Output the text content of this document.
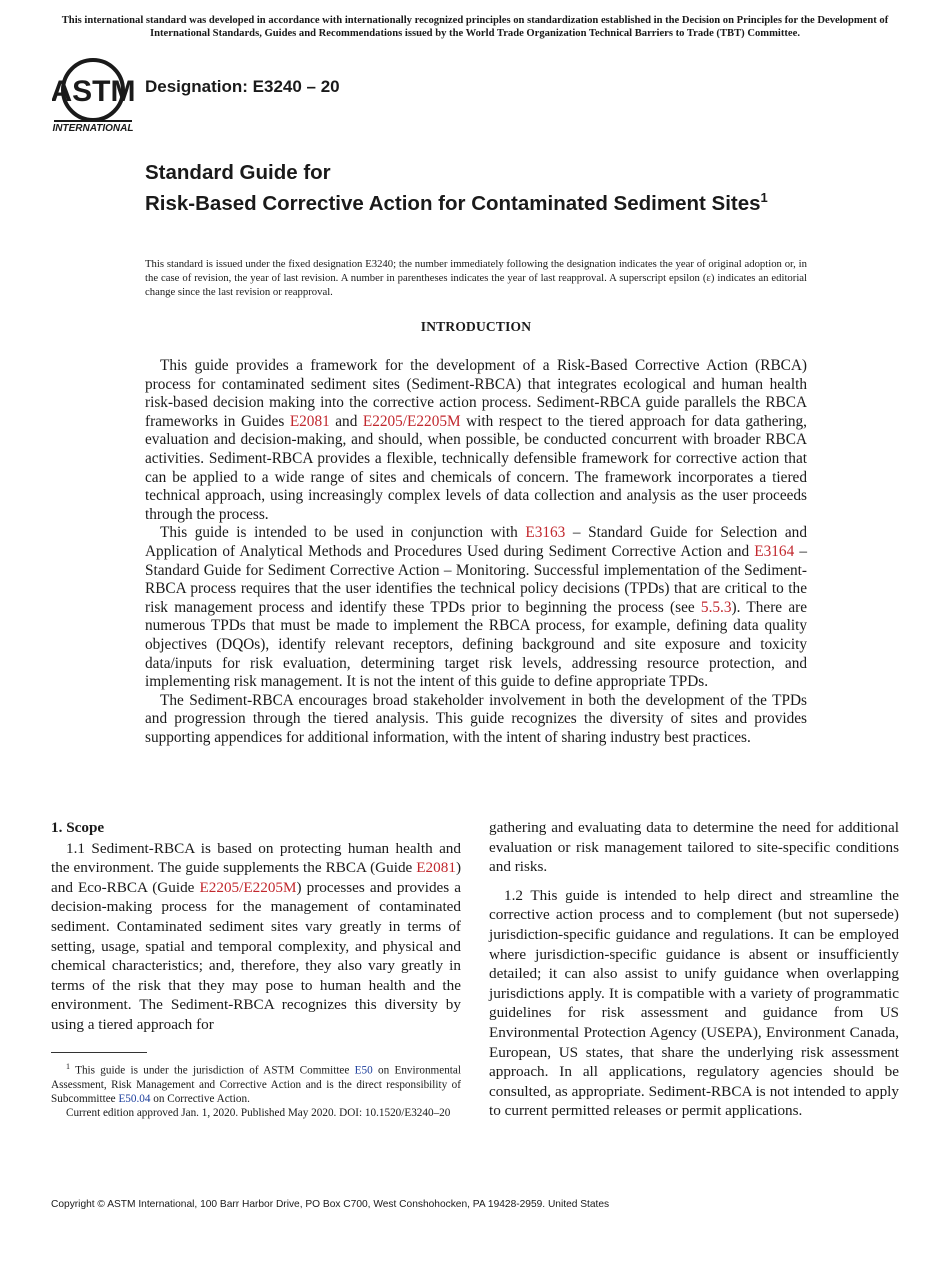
This international standard was developed in accordance with internationally recognized principles on standardization established in the Decision on Principles for the Development of International Standards, Guides and Recommendations issued by the World Trade Organization Technical Barriers to Trade (TBT) Committee.
ASTM
INTERNATIONAL
Designation: E3240 – 20
Standard Guide for
Risk-Based Corrective Action for Contaminated Sediment Sites$^1$
This standard is issued under the fixed designation E3240; the number immediately following the designation indicates the year of original adoption or, in the case of revision, the year of last revision. A number in parentheses indicates the year of last reapproval. A superscript epsilon (ε) indicates an editorial change since the last revision or reapproval.
INTRODUCTION

This guide provides a framework for the development of a Risk-Based Corrective Action (RBCA) process for contaminated sediment sites (Sediment-RBCA) that integrates ecological and human health risk-based decision making into the corrective action process. Sediment-RBCA guide parallels the RBCA frameworks in Guides E2081 and E2205/E2205M with respect to the tiered approach for data gathering, evaluation and decision-making, and should, when possible, be conducted concurrent with broader RBCA activities. Sediment-RBCA provides a flexible, technically defensible framework for corrective action that can be applied to a wide range of sites and chemicals of concern. The framework incorporates a tiered technical approach, using increasingly complex levels of data collection and analysis as the user proceeds through the process.

This guide is intended to be used in conjunction with E3163 – Standard Guide for Selection and Application of Analytical Methods and Procedures Used during Sediment Corrective Action and E3164 – Standard Guide for Sediment Corrective Action – Monitoring. Successful implementation of the Sediment-RBCA process requires that the user identifies the technical policy decisions (TPDs) that are critical to the risk management process and identify these TPDs prior to beginning the process (see 5.5.3). There are numerous TPDs that must be made to implement the RBCA process, for example, defining data quality objectives (DQOs), identify relevant receptors, defining background and site exposure and toxicity data/inputs for risk evaluation, determining target risk levels, addressing resource protection, and implementing risk management. It is not the intent of this guide to define appropriate TPDs.

The Sediment-RBCA encourages broad stakeholder involvement in both the development of the TPDs and progression through the tiered analysis. This guide recognizes the diversity of sites and provides supporting appendices for additional information, with the intent of sharing industry best practices.

1. Scope

1.1 Sediment-RBCA is based on protecting human health and the environment. The guide supplements the RBCA (Guide E2081) and Eco-RBCA (Guide E2205/E2205M) processes and provides a decision-making process for the management of contaminated sediment. Contaminated sediment sites vary greatly in terms of setting, usage, spatial and temporal complexity, and physical and chemical characteristics; and, therefore, they also vary greatly in terms of the risk that they may pose to human health and the environment. The Sediment-RBCA recognizes this diversity by using a tiered approach for

gathering and evaluating data to determine the need for additional evaluation or risk management tailored to site-specific conditions and risks.

1.2 This guide is intended to help direct and streamline the corrective action process and to complement (but not supersede) jurisdiction-specific guidance and regulations. It can be employed where jurisdiction-specific guidance is absent or insufficiently detailed; it can also assist to unify guidance when overlapping jurisdictions apply. It is compatible with a variety of programmatic guidelines for risk assessment and guidance from US Environmental Protection Agency (USEPA), Environment Canada, European, US states, that share the underlying risk assessment approach. In all applications, regulatory agencies should be consulted, as appropriate. Sediment-RBCA is not intended to apply to current permitted releases or permit applications.

$^1$ This guide is under the jurisdiction of ASTM Committee E50 on Environmental Assessment, Risk Management and Corrective Action and is the direct responsibility of Subcommittee E50.04 on Corrective Action.

Current edition approved Jan. 1, 2020. Published May 2020. DOI: 10.1520/E3240–20

Copyright © ASTM International, 100 Barr Harbor Drive, PO Box C700, West Conshohocken, PA 19428-2959. United States
